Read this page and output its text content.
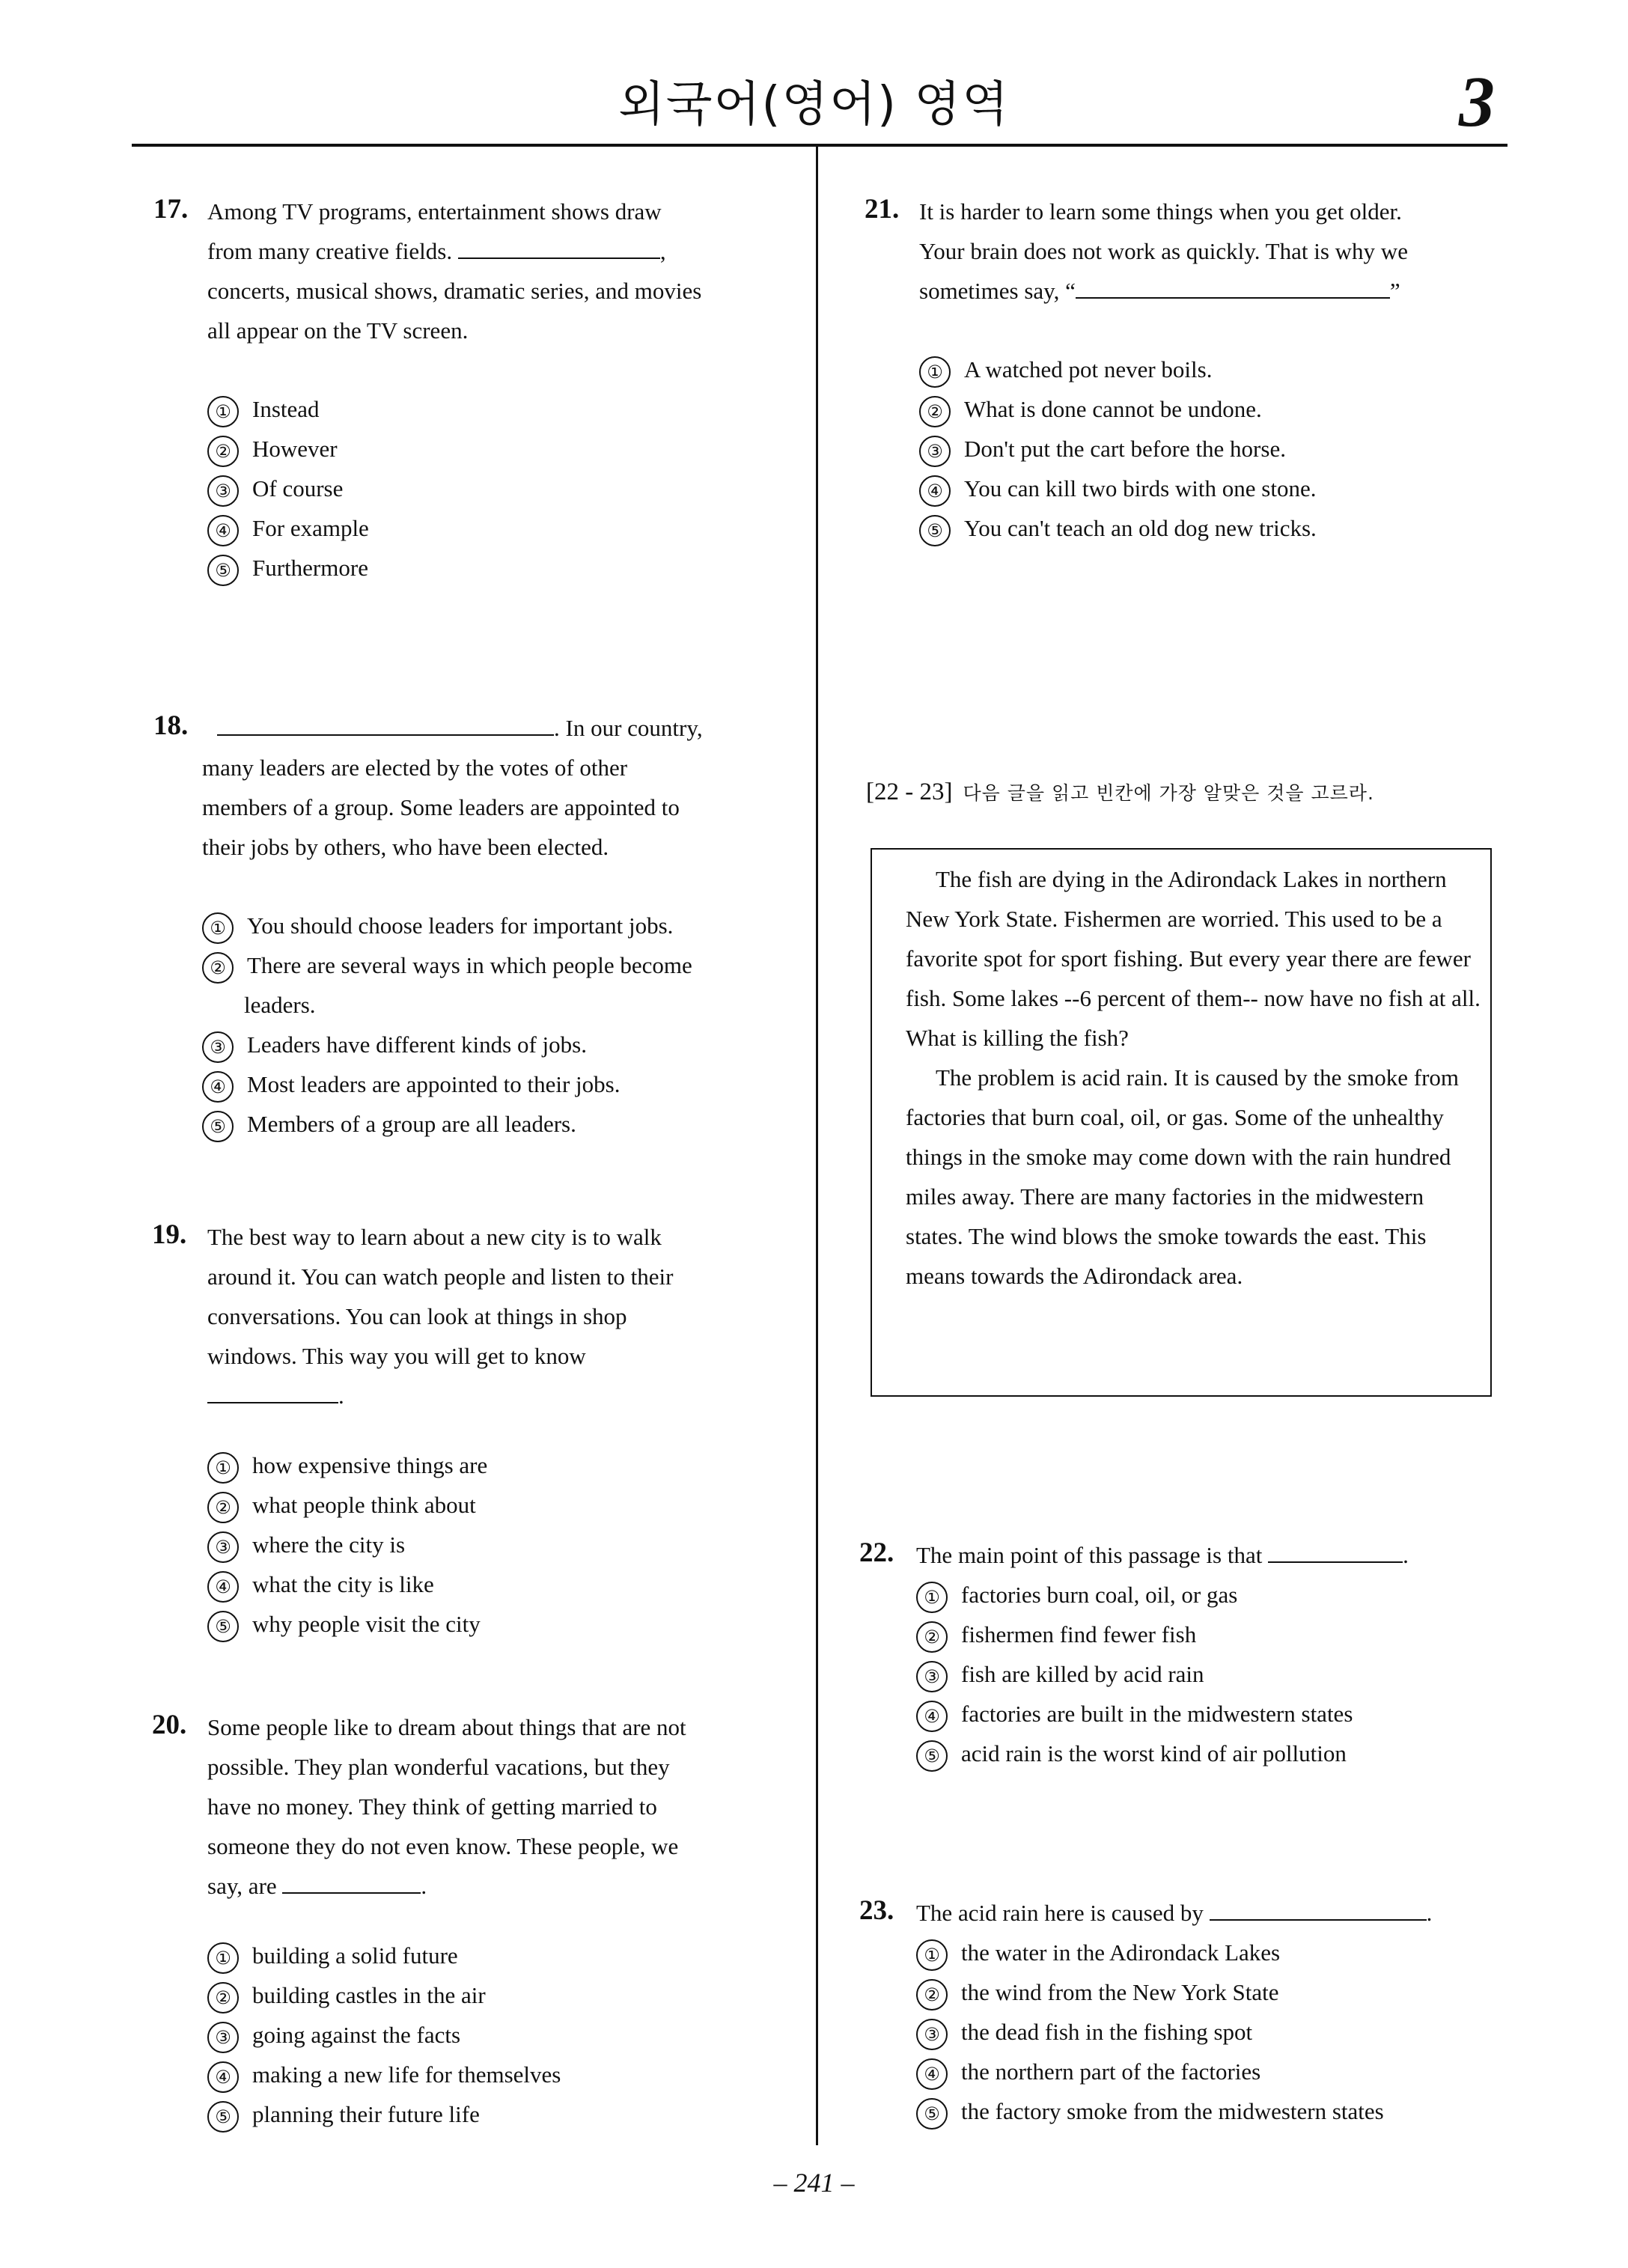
외국어(영어) 영역	3
17. Among TV programs, entertainment shows draw
from many creative fields.	,
concerts, musical shows, dramatic series, and movies
all appear on the TV screen.
① Instead
② However
③ Of course
④ For example
⑤ Furthermore
18.	. In our country,
many leaders are elected by the votes of other
members of a group. Some leaders are appointed to
their jobs by others, who have been elected.
① You should choose leaders for important jobs.
② There are several ways in which people become
leaders.
③ Leaders have different kinds of jobs.
④ Most leaders are appointed to their jobs.
⑤ Members of a group are all leaders.
19. The best way to learn about a new city is to walk
around it. You can watch people and listen to their
conversations. You can look at things in shop
windows. This way you will get to know
.
① how expensive things are
② what people think about
③ where the city is
④ what the city is like
⑤ why people visit the city
20. Some people like to dream about things that are not
possible. They plan wonderful vacations, but they
have no money. They think of getting married to
someone they do not even know. These people, we
say, are	.
① building a solid future
② building castles in the air
③ going against the facts
④ making a new life for themselves
⑤ planning their future life
21. It is harder to learn some things when you get older.
Your brain does not work as quickly. That is why we
sometimes say, “	”
① A watched pot never boils.
② What is done cannot be undone.
③ Don't put the cart before the horse.
④ You can kill two birds with one stone.
⑤ You can't teach an old dog new tricks.
[22 - 23] 다음 글을 읽고 빈칸에 가장 알맞은 것을 고르라.

The fish are dying in the Adirondack Lakes in northern New York State. Fishermen are worried. This used to be a favorite spot for sport fishing. But every year there are fewer fish. Some lakes --6 percent of them-- now have no fish at all. What is killing the fish?

The problem is acid rain. It is caused by the smoke from factories that burn coal, oil, or gas. Some of the unhealthy things in the smoke may come down with the rain hundred miles away. There are many factories in the midwestern states. The wind blows the smoke towards the east. This means towards the Adirondack area.

22. The main point of this passage is that	.
① factories burn coal, oil, or gas
② fishermen find fewer fish
③ fish are killed by acid rain
④ factories are built in the midwestern states
⑤ acid rain is the worst kind of air pollution
23. The acid rain here is caused by	.
① the water in the Adirondack Lakes
② the wind from the New York State
③ the dead fish in the fishing spot
④ the northern part of the factories
⑤ the factory smoke from the midwestern states
– 241 –
